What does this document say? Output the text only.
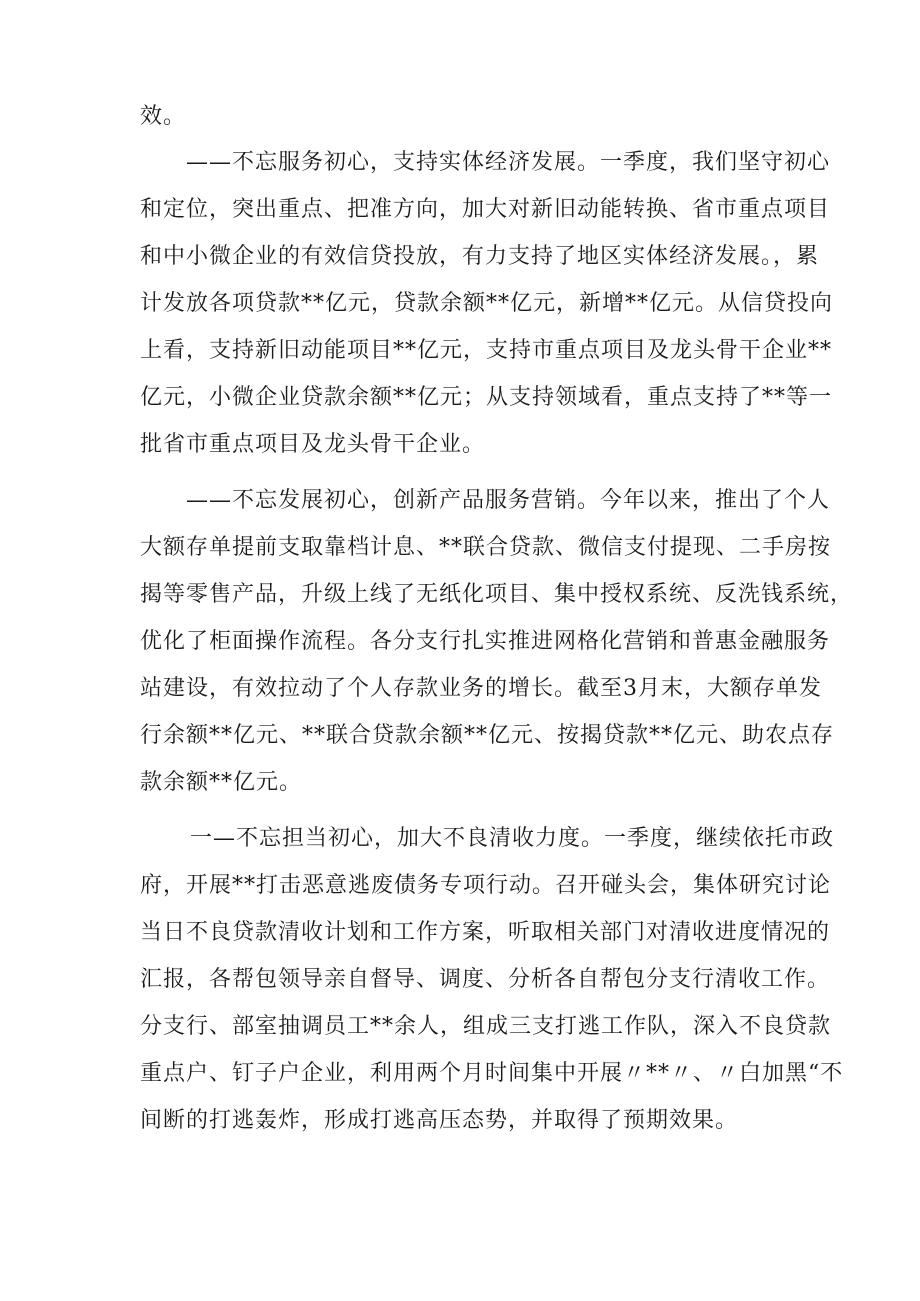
效。
——不忘服务初心，支持实体经济发展。一季度，我们坚守初心
和定位，突出重点、把准方向，加大对新旧动能转换、省市重点项目
和中小微企业的有效信贷投放，有力支持了地区实体经济发展。，累
计发放各项贷款**亿元，贷款余额**亿元，新增**亿元。从信贷投向
上看，支持新旧动能项目**亿元，支持市重点项目及龙头骨干企业**
亿元，小微企业贷款余额**亿元；从支持领域看，重点支持了**等一
批省市重点项目及龙头骨干企业。
——不忘发展初心，创新产品服务营销。今年以来，推出了个人
大额存单提前支取靠档计息、**联合贷款、微信支付提现、二手房按
揭等零售产品，升级上线了无纸化项目、集中授权系统、反洗钱系统，
优化了柜面操作流程。各分支行扎实推进网格化营销和普惠金融服务
站建设，有效拉动了个人存款业务的增长。截至3月末，大额存单发
行余额**亿元、**联合贷款余额**亿元、按揭贷款**亿元、助农点存
款余额**亿元。
一—不忘担当初心，加大不良清收力度。一季度，继续依托市政
府，开展**打击恶意逃废债务专项行动。召开碰头会，集体研究讨论
当日不良贷款清收计划和工作方案，听取相关部门对清收进度情况的
汇报，各帮包领导亲自督导、调度、分析各自帮包分支行清收工作。
分支行、部室抽调员工**余人，组成三支打逃工作队，深入不良贷款
重点户、钉子户企业，利用两个月时间集中开展〃**〃、〃白加黑“不
间断的打逃轰炸，形成打逃高压态势，并取得了预期效果。
